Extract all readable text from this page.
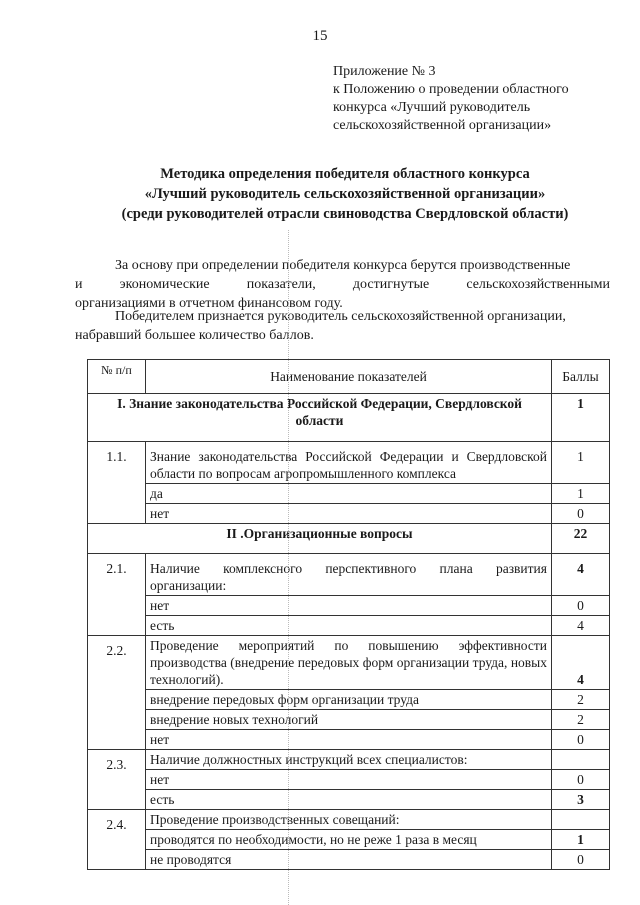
15
Приложение № 3
к Положению о проведении областного
конкурса «Лучший руководитель
сельскохозяйственной организации»
Методика определения победителя областного конкурса
«Лучший руководитель сельскохозяйственной организации»
(среди руководителей отрасли свиноводства Свердловской области)
За основу при определении победителя конкурса берутся производственные
и экономические показатели, достигнутые сельскохозяйственными
организациями в отчетном финансовом году.
Победителем признается руководитель сельскохозяйственной организации,
набравший большее количество баллов.
№ п/п	Наименование показателей	Баллы
I. Знание законодательства Российской Федерации, Свердловской области		1
1.1.	Знание законодательства Российской Федерации и Свердловской области по вопросам агропромышленного комплекса	1
	да	1
	нет	0
II .Организационные вопросы		22
2.1.	Наличие комплексного перспективного плана развития организации:	4
	нет	0
	есть	4
2.2.	Проведение мероприятий по повышению эффективности производства (внедрение передовых форм организации труда, новых технологий).	4
	внедрение передовых форм организации труда	2
	внедрение новых технологий	2
	нет	0
2.3.	Наличие должностных инструкций всех специалистов:	
	нет	0
	есть	3
2.4.	Проведение производственных совещаний:	
	проводятся по необходимости, но не реже 1 раза в месяц	1
	не проводятся	0
